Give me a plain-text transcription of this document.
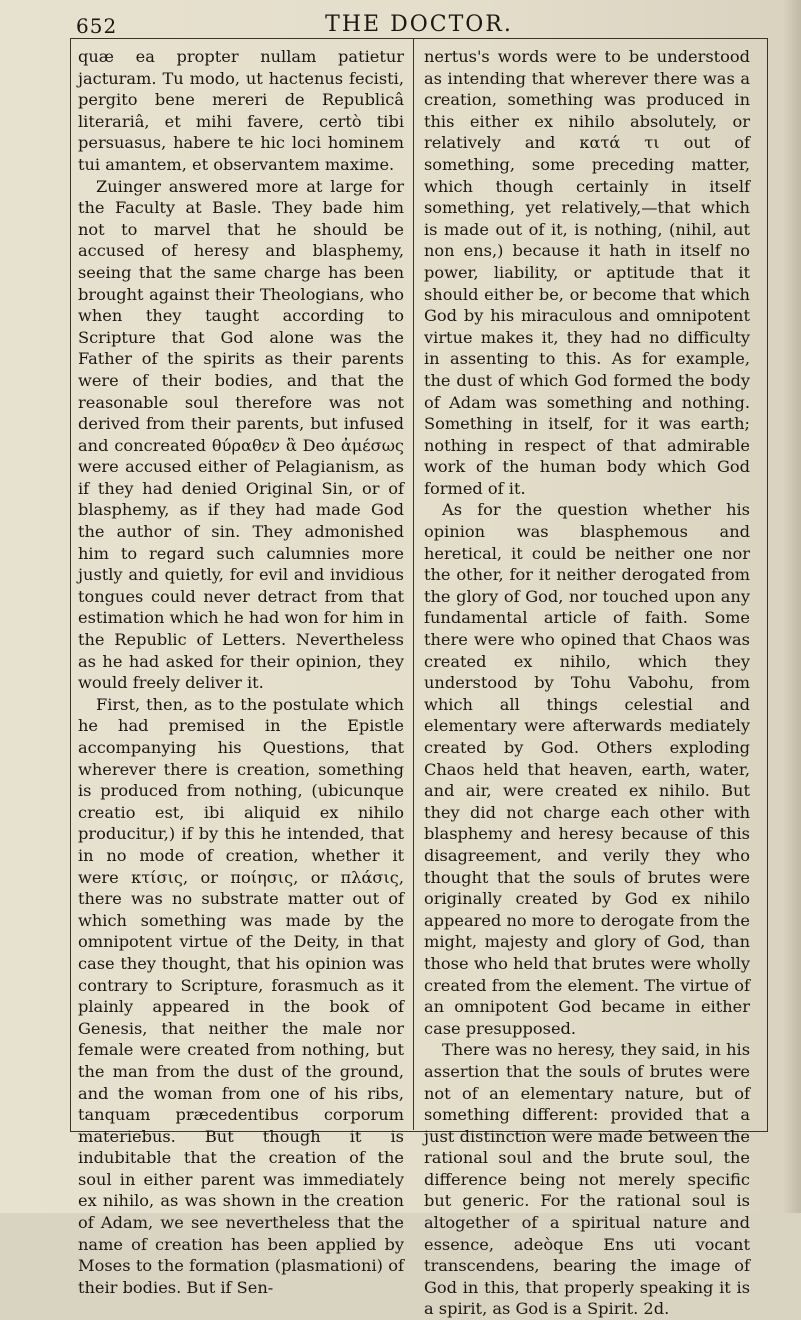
652	THE DOCTOR.

quæ ea propter nullam patietur jacturam. Tu modo, ut hactenus fecisti, pergito bene mereri de Republicâ literariâ, et mihi favere, certò tibi persuasus, habere te hic loci hominem tui amantem, et observantem maxime.

Zuinger answered more at large for the Faculty at Basle. They bade him not to marvel that he should be accused of heresy and blasphemy, seeing that the same charge has been brought against their Theologians, who when they taught according to Scripture that God alone was the Father of the spirits as their parents were of their bodies, and that the reasonable soul therefore was not derived from their parents, but infused and concreated θύραθεν ἃ Deo ἀμέσως were accused either of Pelagianism, as if they had denied Original Sin, or of blasphemy, as if they had made God the author of sin. They admonished him to regard such calumnies more justly and quietly, for evil and invidious tongues could never detract from that estimation which he had won for him in the Republic of Letters. Nevertheless as he had asked for their opinion, they would freely deliver it.

First, then, as to the postulate which he had premised in the Epistle accompanying his Questions, that wherever there is creation, something is produced from nothing, (ubicunque creatio est, ibi aliquid ex nihilo producitur,) if by this he intended, that in no mode of creation, whether it were κτίσις, or ποίησις, or πλάσις, there was no substrate matter out of which something was made by the omnipotent virtue of the Deity, in that case they thought, that his opinion was contrary to Scripture, forasmuch as it plainly appeared in the book of Genesis, that neither the male nor female were created from nothing, but the man from the dust of the ground, and the woman from one of his ribs, tanquam præcedentibus corporum materiebus. But though it is indubitable that the creation of the soul in either parent was immediately ex nihilo, as was shown in the creation of Adam, we see nevertheless that the name of creation has been applied by Moses to the formation (plasmationi) of their bodies. But if Sen-

nertus's words were to be understood as intending that wherever there was a creation, something was produced in this either ex nihilo absolutely, or relatively and κατά τι out of something, some preceding matter, which though certainly in itself something, yet relatively,—that which is made out of it, is nothing, (nihil, aut non ens,) because it hath in itself no power, liability, or aptitude that it should either be, or become that which God by his miraculous and omnipotent virtue makes it, they had no difficulty in assenting to this. As for example, the dust of which God formed the body of Adam was something and nothing. Something in itself, for it was earth; nothing in respect of that admirable work of the human body which God formed of it.

As for the question whether his opinion was blasphemous and heretical, it could be neither one nor the other, for it neither derogated from the glory of God, nor touched upon any fundamental article of faith. Some there were who opined that Chaos was created ex nihilo, which they understood by Tohu Vabohu, from which all things celestial and elementary were afterwards mediately created by God. Others exploding Chaos held that heaven, earth, water, and air, were created ex nihilo. But they did not charge each other with blasphemy and heresy because of this disagreement, and verily they who thought that the souls of brutes were originally created by God ex nihilo appeared no more to derogate from the might, majesty and glory of God, than those who held that brutes were wholly created from the element. The virtue of an omnipotent God became in either case presupposed.

There was no heresy, they said, in his assertion that the souls of brutes were not of an elementary nature, but of something different: provided that a just distinction were made between the rational soul and the brute soul, the difference being not merely specific but generic. For the rational soul is altogether of a spiritual nature and essence, adeòque Ens uti vocant transcendens, bearing the image of God in this, that properly speaking it is a spirit, as God is a Spirit. 2d.
